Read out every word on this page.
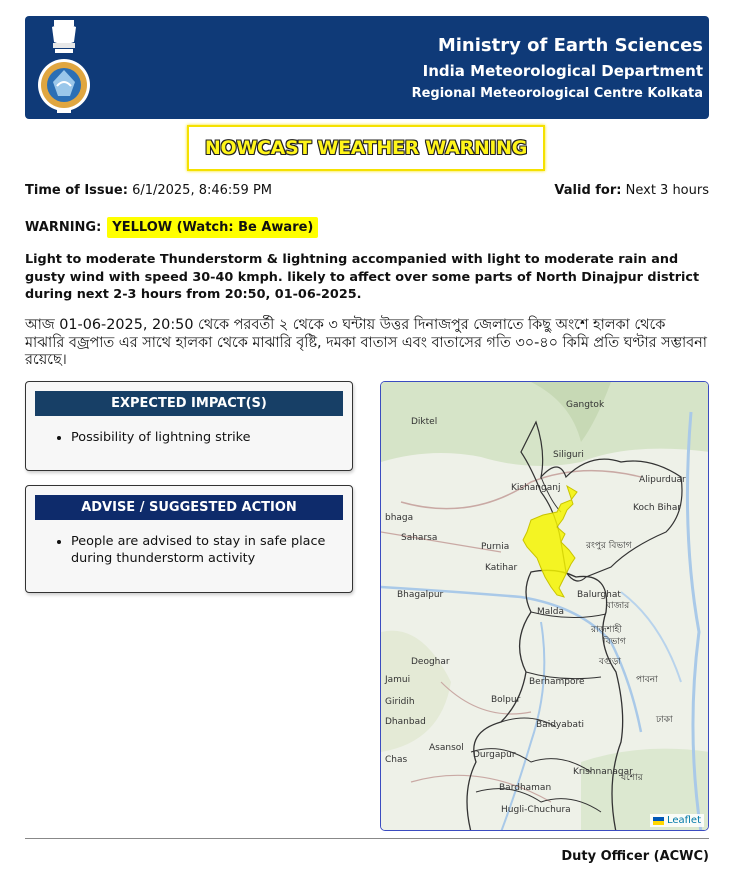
Ministry of Earth Sciences
India Meteorological Department
Regional Meteorological Centre Kolkata
NOWCAST WEATHER WARNING
Time of Issue: 6/1/2025, 8:46:59 PM	Valid for: Next 3 hours
WARNING: YELLOW (Watch: Be Aware)
Light to moderate Thunderstorm & lightning accompanied with light to moderate rain and gusty wind with speed 30-40 kmph. likely to affect over some parts of North Dinajpur district during next 2-3 hours from 20:50, 01-06-2025.
আজ 01-06-2025, 20:50 থেকে পরবর্তী ২ থেকে ৩ ঘন্টায় উত্তর দিনাজপুর জেলাতে কিছু অংশে হালকা থেকে মাঝারি বজ্রপাত এর সাথে হালকা থেকে মাঝারি বৃষ্টি, দমকা বাতাস এবং বাতাসের গতি ৩০-৪০ কিমি প্রতি ঘণ্টার সম্ভাবনা রয়েছে।
EXPECTED IMPACT(S)
• Possibility of lightning strike
ADVISE / SUGGESTED ACTION
• People are advised to stay in safe place during thunderstorm activity
Gangtok
Diktel
Siliguri
Alipurduar
Kishanganj
Koch Bihar
bhaga
Saharsa
Purnia
Katihar
Bhagalpur	Balurghat
Malda
Deoghar
Giridih
Dhanbad
Berhampore
Asansol
Durgapur
Krishnanagar
Bardhaman
Hugli-Chuchura
Chas
Baidyabati
Bolpur
Jamui
রংপুর বিভাগ
রাজশাহী
বিভাগ
বাজার
বগুড়া
পাবনা
ঢাকা
যশোর
Leaflet
Duty Officer (ACWC)
